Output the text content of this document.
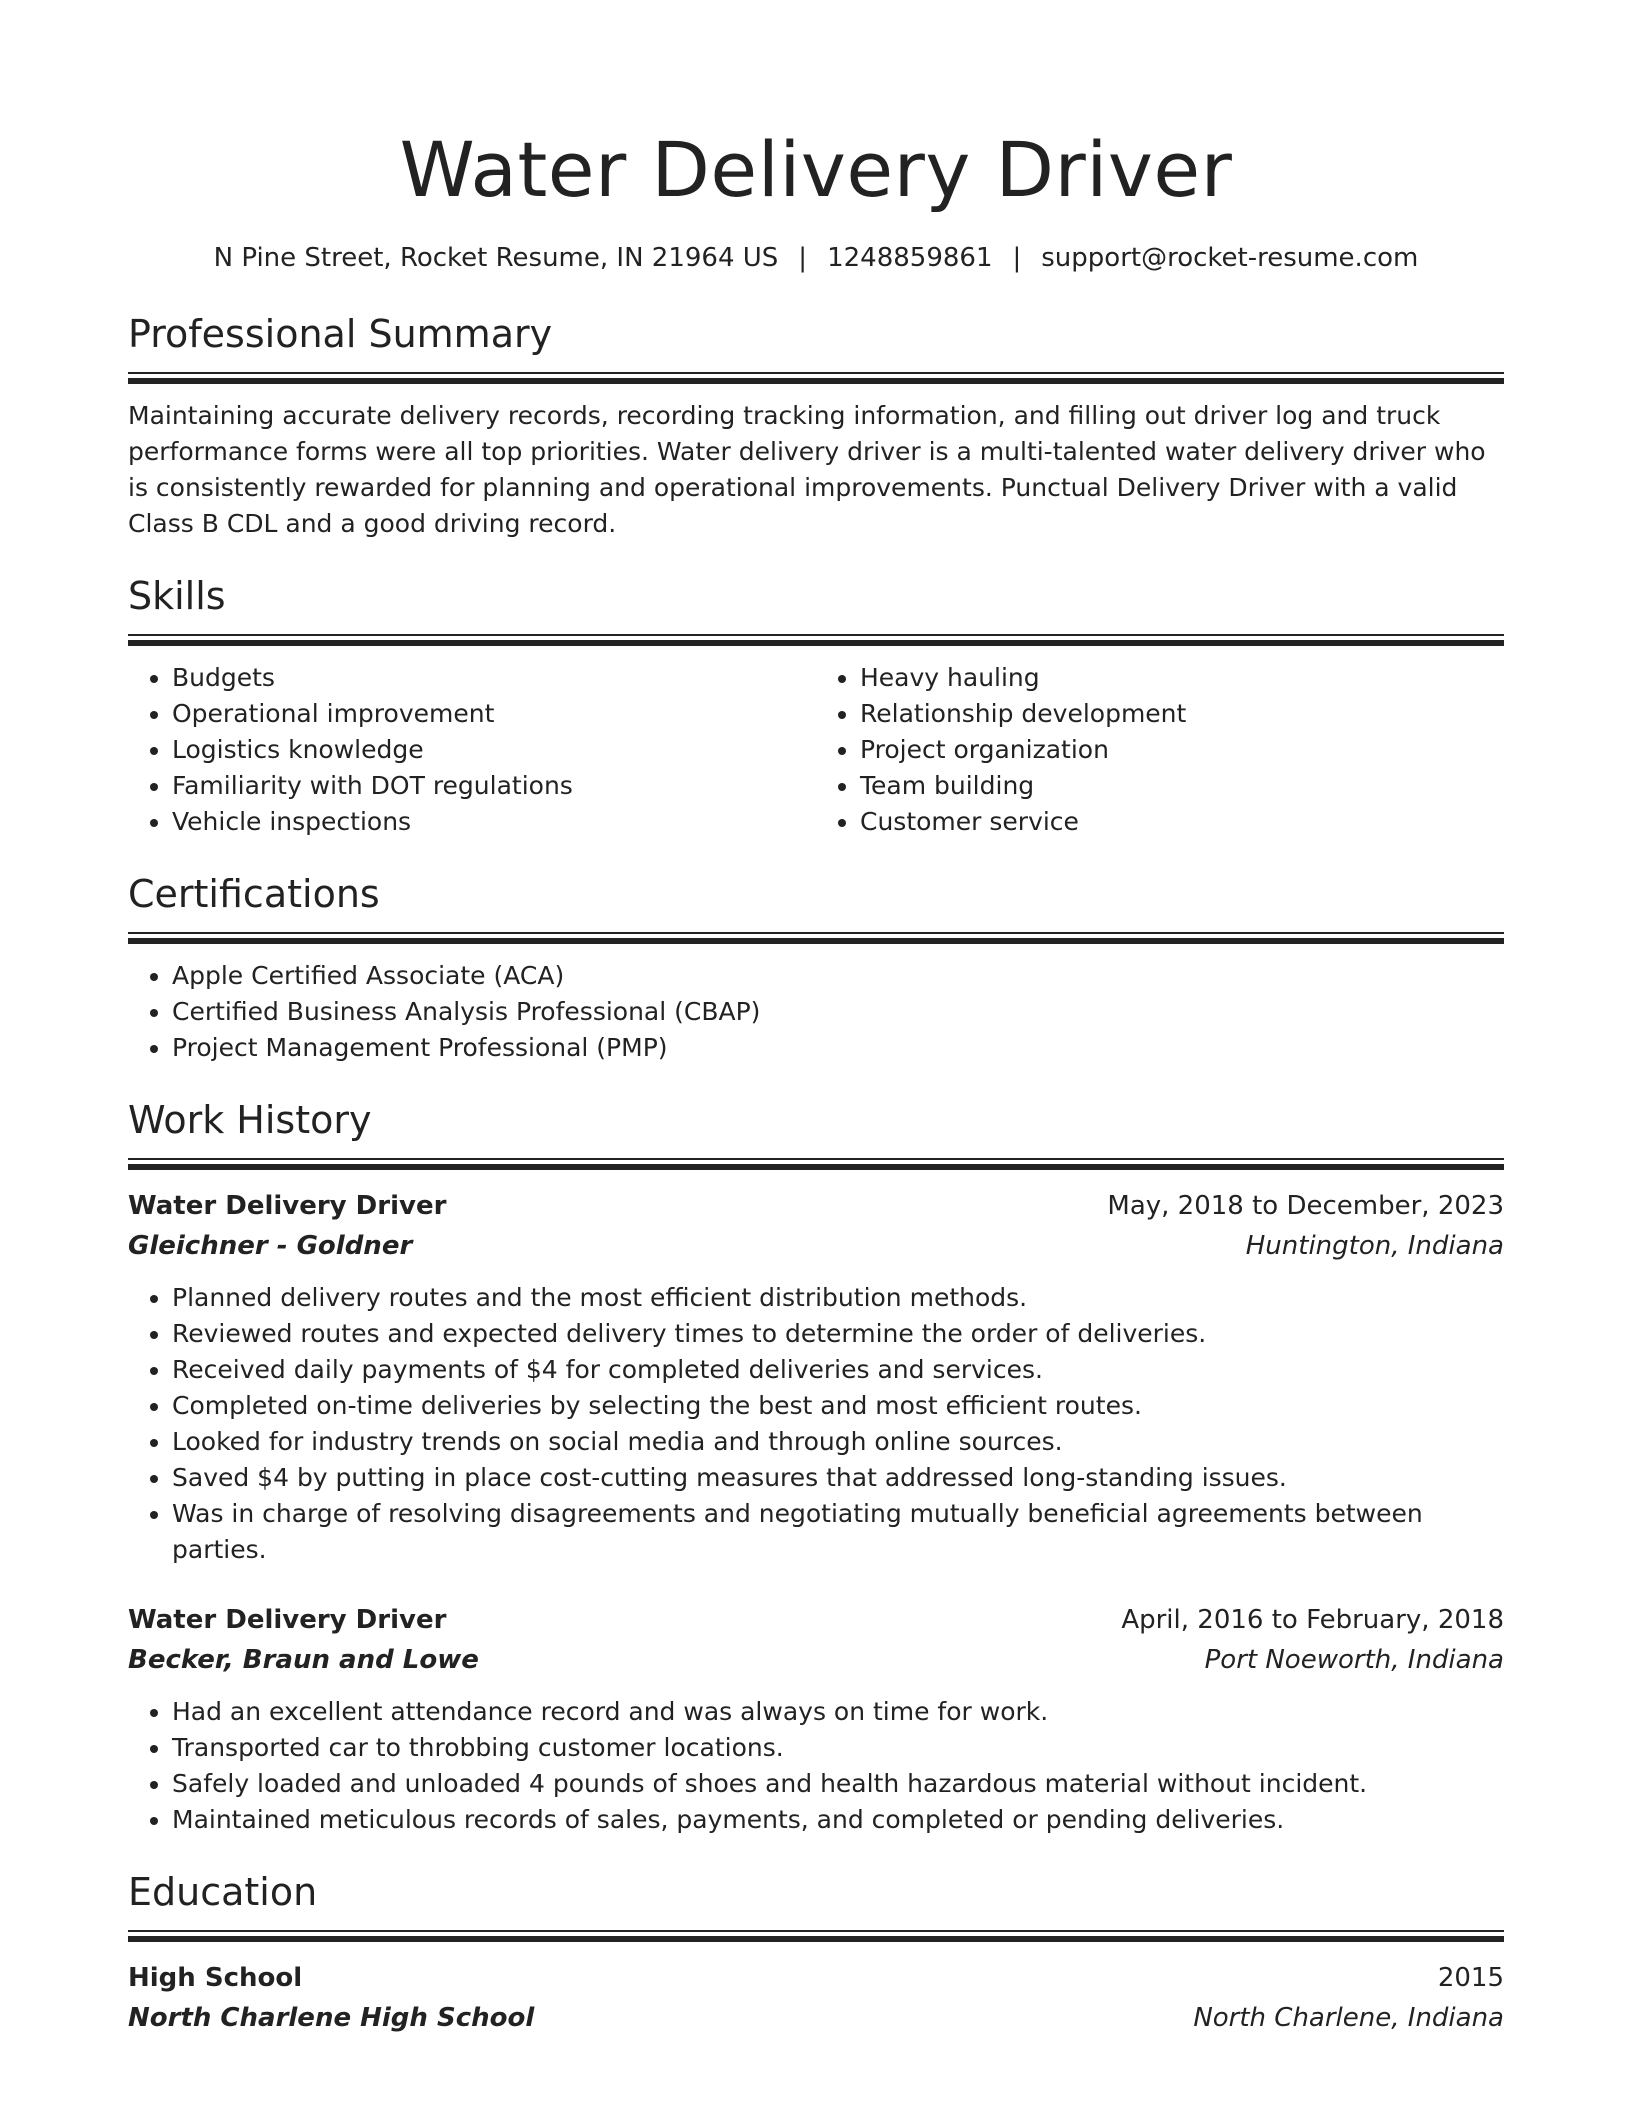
Water Delivery Driver
N Pine Street, Rocket Resume, IN 21964 US | 1248859861 | support@rocket-resume.com
Professional Summary
Maintaining accurate delivery records, recording tracking information, and filling out driver log and truck performance forms were all top priorities. Water delivery driver is a multi-talented water delivery driver who is consistently rewarded for planning and operational improvements. Punctual Delivery Driver with a valid Class B CDL and a good driving record.
Skills
• Budgets
• Operational improvement
• Logistics knowledge
• Familiarity with DOT regulations
• Vehicle inspections
• Heavy hauling
• Relationship development
• Project organization
• Team building
• Customer service
Certifications
• Apple Certified Associate (ACA)
• Certified Business Analysis Professional (CBAP)
• Project Management Professional (PMP)
Work History
Water Delivery Driver	May, 2018 to December, 2023
Gleichner - Goldner	Huntington, Indiana
• Planned delivery routes and the most efficient distribution methods.
• Reviewed routes and expected delivery times to determine the order of deliveries.
• Received daily payments of $4 for completed deliveries and services.
• Completed on-time deliveries by selecting the best and most efficient routes.
• Looked for industry trends on social media and through online sources.
• Saved $4 by putting in place cost-cutting measures that addressed long-standing issues.
• Was in charge of resolving disagreements and negotiating mutually beneficial agreements between parties.
Water Delivery Driver	April, 2016 to February, 2018
Becker, Braun and Lowe	Port Noeworth, Indiana
• Had an excellent attendance record and was always on time for work.
• Transported car to throbbing customer locations.
• Safely loaded and unloaded 4 pounds of shoes and health hazardous material without incident.
• Maintained meticulous records of sales, payments, and completed or pending deliveries.
Education
High School	2015
North Charlene High School	North Charlene, Indiana
